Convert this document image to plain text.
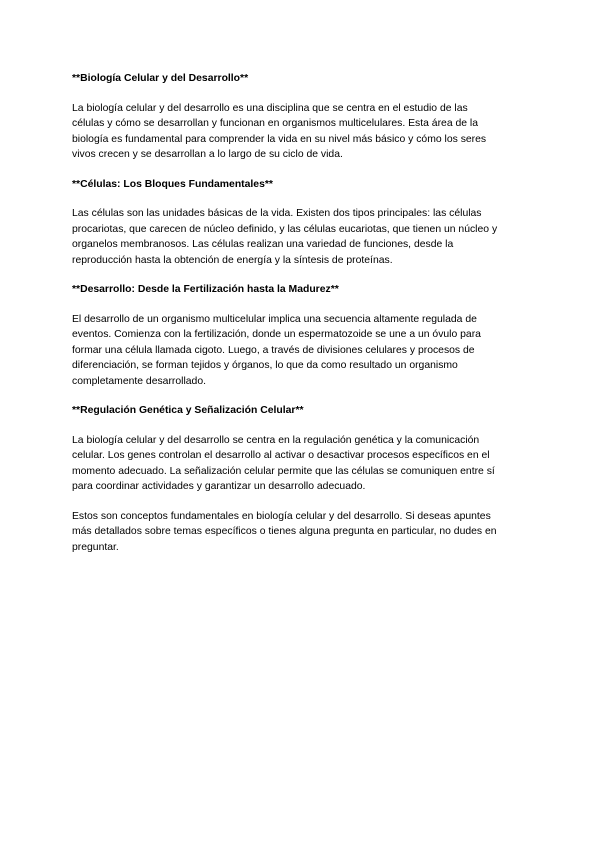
**Biología Celular y del Desarrollo**
La biología celular y del desarrollo es una disciplina que se centra en el estudio de las
células y cómo se desarrollan y funcionan en organismos multicelulares. Esta área de la
biología es fundamental para comprender la vida en su nivel más básico y cómo los seres
vivos crecen y se desarrollan a lo largo de su ciclo de vida.
**Células: Los Bloques Fundamentales**
Las células son las unidades básicas de la vida. Existen dos tipos principales: las células
procariotas, que carecen de núcleo definido, y las células eucariotas, que tienen un núcleo y
organelos membranosos. Las células realizan una variedad de funciones, desde la
reproducción hasta la obtención de energía y la síntesis de proteínas.
**Desarrollo: Desde la Fertilización hasta la Madurez**
El desarrollo de un organismo multicelular implica una secuencia altamente regulada de
eventos. Comienza con la fertilización, donde un espermatozoide se une a un óvulo para
formar una célula llamada cigoto. Luego, a través de divisiones celulares y procesos de
diferenciación, se forman tejidos y órganos, lo que da como resultado un organismo
completamente desarrollado.
**Regulación Genética y Señalización Celular**
La biología celular y del desarrollo se centra en la regulación genética y la comunicación
celular. Los genes controlan el desarrollo al activar o desactivar procesos específicos en el
momento adecuado. La señalización celular permite que las células se comuniquen entre sí
para coordinar actividades y garantizar un desarrollo adecuado.
Estos son conceptos fundamentales en biología celular y del desarrollo. Si deseas apuntes
más detallados sobre temas específicos o tienes alguna pregunta en particular, no dudes en
preguntar.
